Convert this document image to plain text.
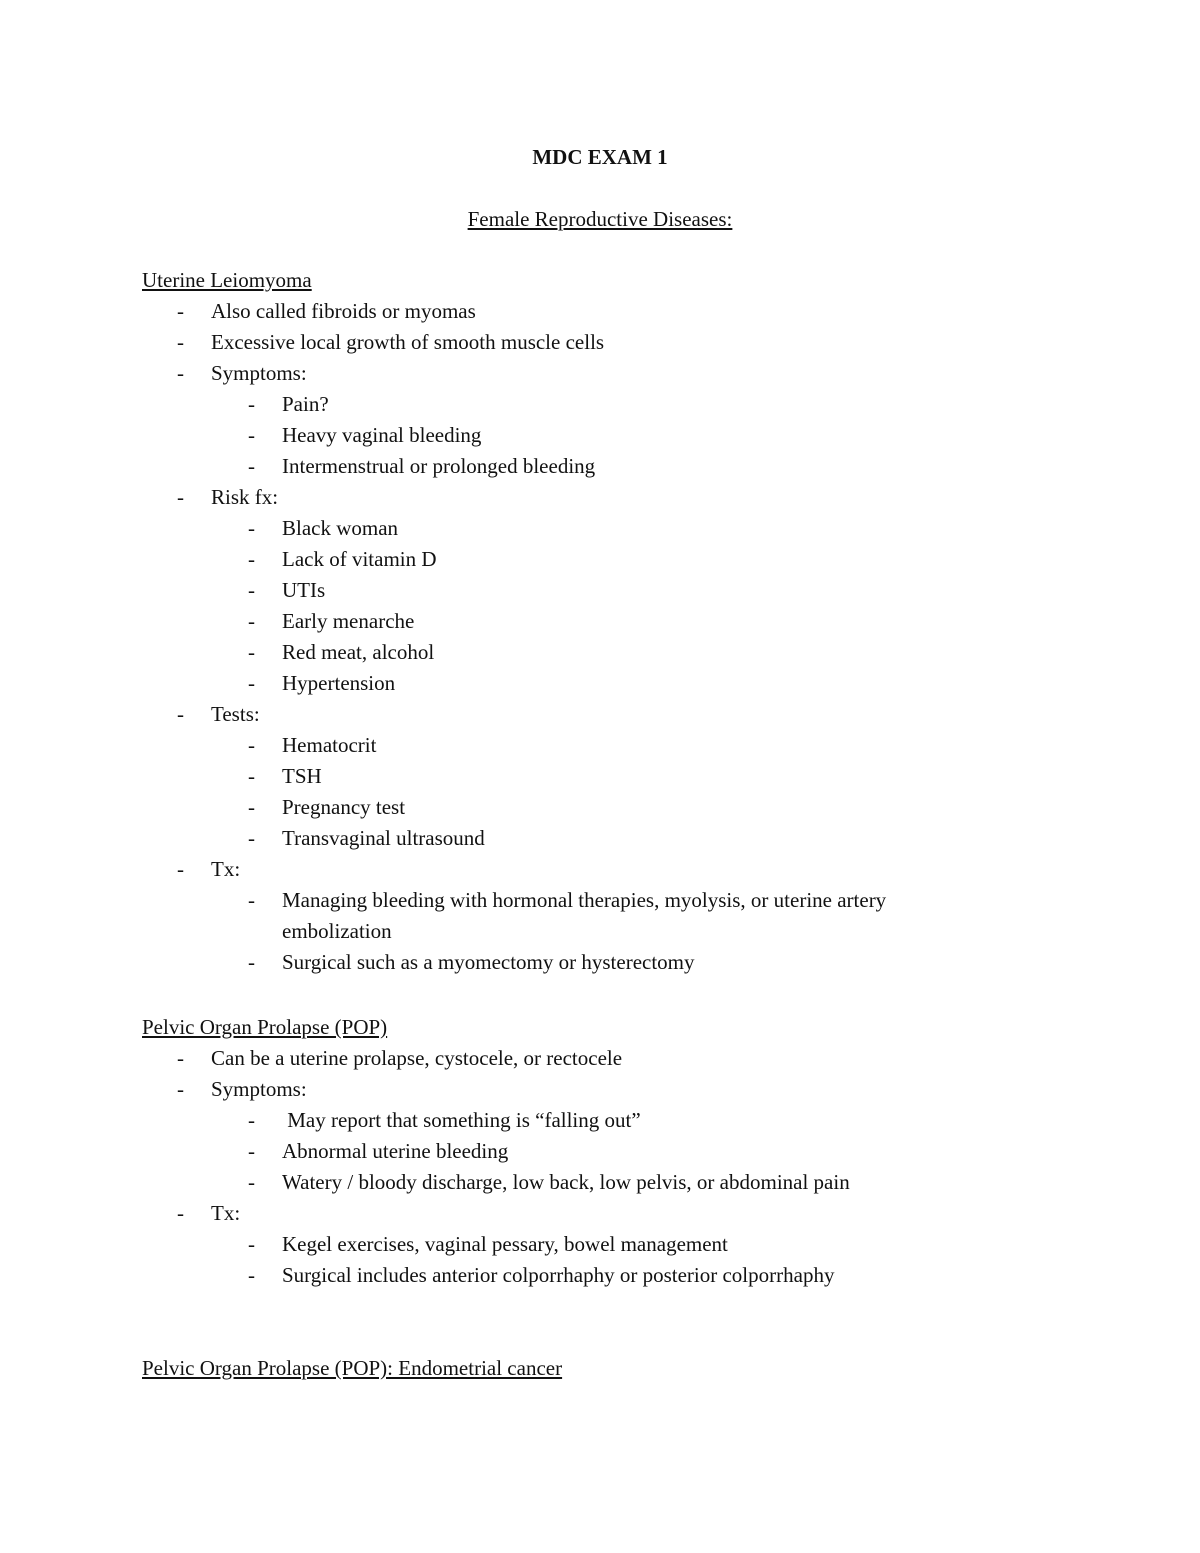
MDC EXAM 1
Female Reproductive Diseases:
Uterine Leiomyoma
-	Also called fibroids or myomas
-	Excessive local growth of smooth muscle cells
-	Symptoms:
-	Pain?
-	Heavy vaginal bleeding
-	Intermenstrual or prolonged bleeding
-	Risk fx:
-	Black woman
-	Lack of vitamin D
-	UTIs
-	Early menarche
-	Red meat, alcohol
-	Hypertension
-	Tests:
-	Hematocrit
-	TSH
-	Pregnancy test
-	Transvaginal ultrasound
-	Tx:
-	Managing bleeding with hormonal therapies, myolysis, or uterine artery embolization
-	Surgical such as a myomectomy or hysterectomy
Pelvic Organ Prolapse (POP)
-	Can be a uterine prolapse, cystocele, or rectocele
-	Symptoms:
-	May report that something is “falling out”
-	Abnormal uterine bleeding
-	Watery / bloody discharge, low back, low pelvis, or abdominal pain
-	Tx:
-	Kegel exercises, vaginal pessary, bowel management
-	Surgical includes anterior colporrhaphy or posterior colporrhaphy
Pelvic Organ Prolapse (POP): Endometrial cancer
